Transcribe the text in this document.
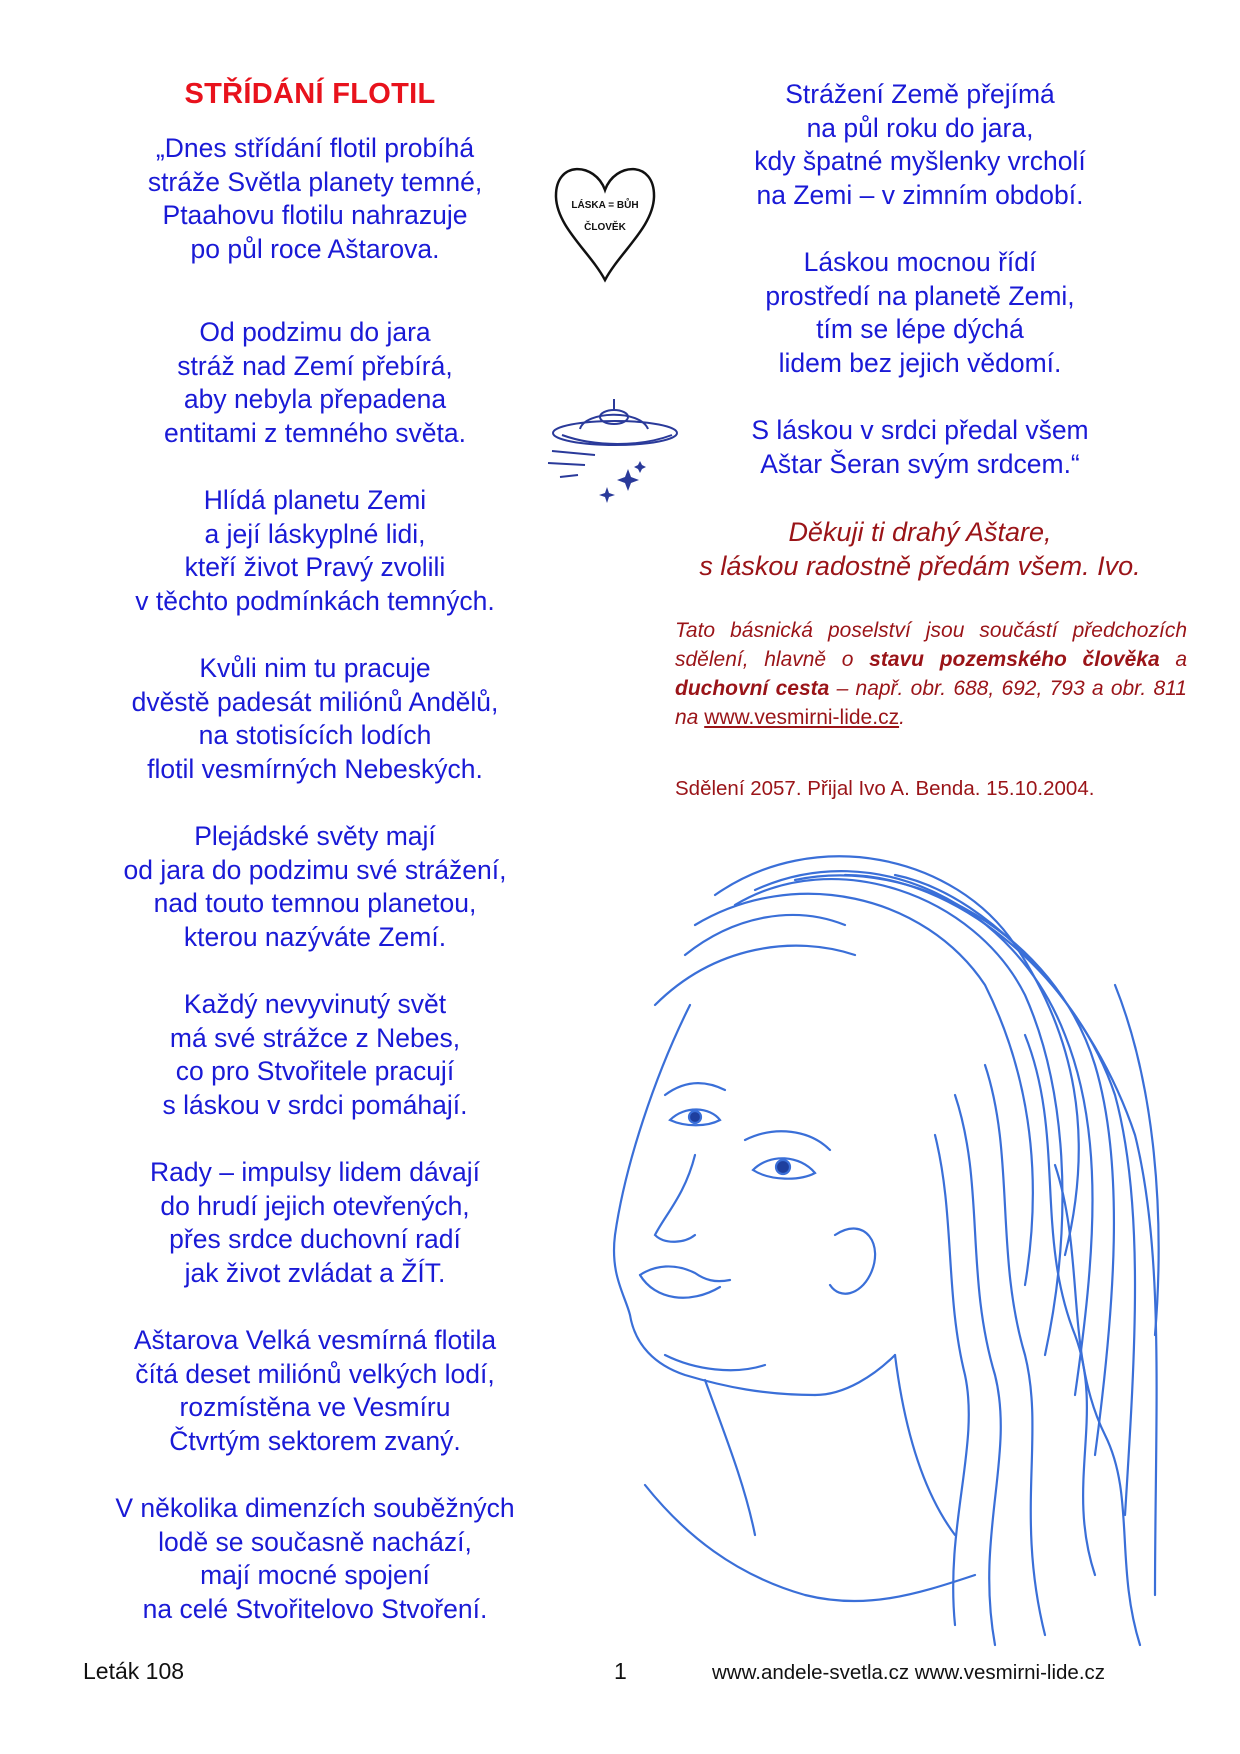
STŘÍDÁNÍ FLOTIL
„Dnes střídání flotil probíhá
stráže Světla planety temné,
Ptaahovu flotilu nahrazuje
po půl roce Aštarova.
Od podzimu do jara
stráž nad Zemí přebírá,
aby nebyla přepadena
entitami z temného světa.
Hlídá planetu Zemi
a její láskyplné lidi,
kteří život Pravý zvolili
v těchto podmínkách temných.
Kvůli nim tu pracuje
dvěstě padesát miliónů Andělů,
na stotisících lodích
flotil vesmírných Nebeských.
Plejádské světy mají
od jara do podzimu své strážení,
nad touto temnou planetou,
kterou nazýváte Zemí.
Každý nevyvinutý svět
má své strážce z Nebes,
co pro Stvořitele pracují
s láskou v srdci pomáhají.
Rady – impulsy lidem dávají
do hrudí jejich otevřených,
přes srdce duchovní radí
jak život zvládat a ŽÍT.
Aštarova Velká vesmírná flotila
čítá deset miliónů velkých lodí,
rozmístěna ve Vesmíru
Čtvrtým sektorem zvaný.
V několika dimenzích souběžných
lodě se současně nachází,
mají mocné spojení
na celé Stvořitelovo Stvoření.
Strážení Země přejímá
na půl roku do jara,
kdy špatné myšlenky vrcholí
na Zemi – v zimním období.
Láskou mocnou řídí
prostředí na planetě Zemi,
tím se lépe dýchá
lidem bez jejich vědomí.
S láskou v srdci předal všem
Aštar Šeran svým srdcem.“
Děkuji ti drahý Aštare,
s láskou radostně předám všem. Ivo.
Tato básnická poselství jsou součástí předchozích sdělení, hlavně o stavu pozemského člověka a duchovní cesta – např. obr. 688, 692, 793 a obr. 811 na www.vesmirni-lide.cz.
Sdělení 2057. Přijal Ivo A. Benda. 15.10.2004.
LÁSKA = BŮH
ČLOVĚK
Leták 108	1	www.andele-svetla.cz www.vesmirni-lide.cz
